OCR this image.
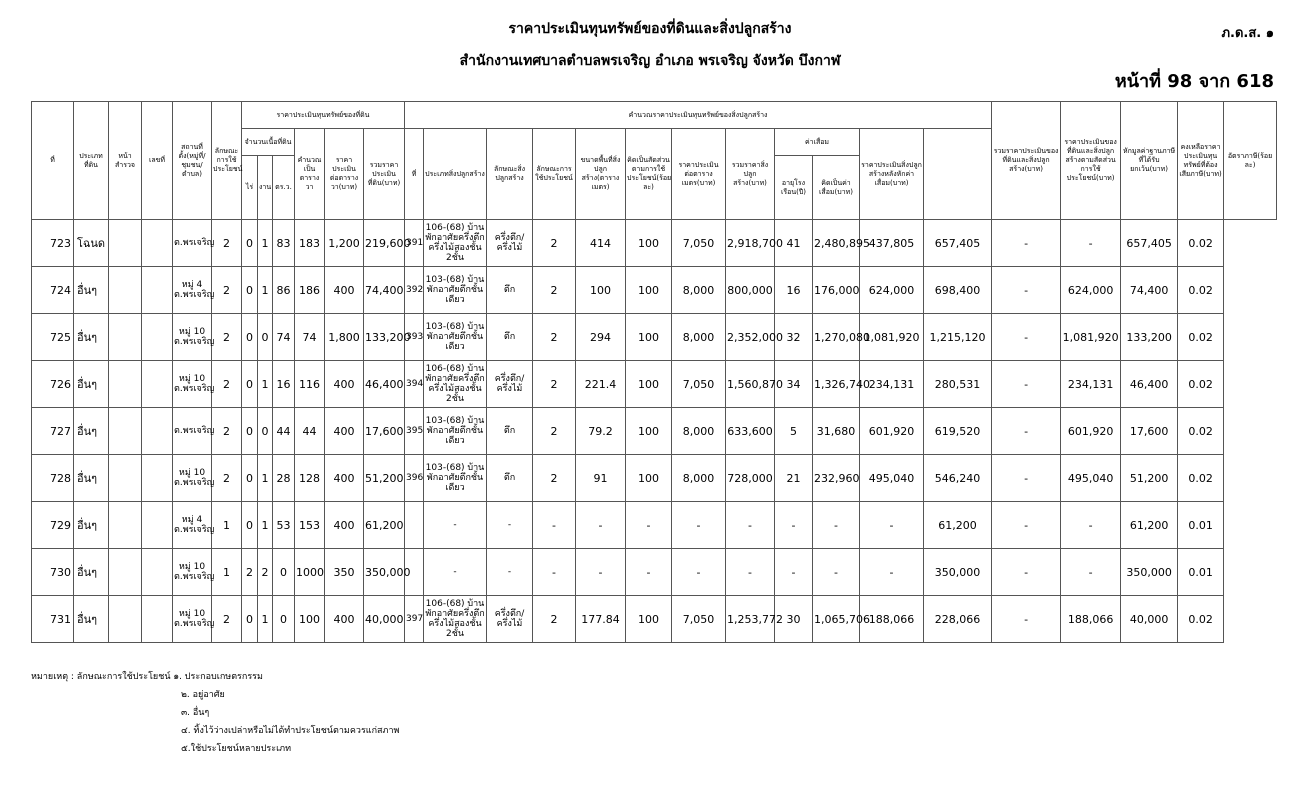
ราคาประเมินทุนทรัพย์ของที่ดินและสิ่งปลูกสร้าง
สำนักงานเทศบาลตำบลพรเจริญ อำเภอ พรเจริญ จังหวัด บึงกาฬ
ภ.ด.ส. ๑
หน้าที่ 98 จาก 618
ที่	ประเภทที่ดิน	หน้าสำรวจ	เลขที่	สถานที่ตั้ง(หมู่ที่/ชุมชน/ตำบล)	ลักษณะการใช้ประโยชน์	ราคาประเมินทุนทรัพย์ของที่ดิน						คำนวณราคาประเมินทุนทรัพย์ของสิ่งปลูกสร้าง												รวมราคาประเมินของที่ดินและสิ่งปลูกสร้าง(บาท)	ราคาประเมินของที่ดินและสิ่งปลูกสร้างตามสัดส่วนการใช้ประโยชน์(บาท)	หักมูลค่าฐานภาษีที่ได้รับยกเว้น(บาท)	คงเหลือราคาประเมินทุนทรัพย์ที่ต้องเสียภาษี(บาท)	อัตราภาษี(ร้อยละ)
						จำนวนเนื้อที่ดิน			คำนวณเป็นตารางวา	ราคาประเมินต่อตารางวา(บาท)	รวมราคาประเมินที่ดิน(บาท)	ที่	ประเภทสิ่งปลูกสร้าง	ลักษณะสิ่งปลูกสร้าง	ลักษณะการใช้ประโยชน์	ขนาดพื้นที่สิ่งปลูกสร้าง(ตารางเมตร)	คิดเป็นสัดส่วนตามการใช้ประโยชน์(ร้อยละ)	ราคาประเมินต่อตารางเมตร(บาท)	รวมราคาสิ่งปลูกสร้าง(บาท)	ค่าเสื่อม		ราคาประเมินสิ่งปลูกสร้างหลังหักค่าเสื่อม(บาท)						
						ไร่	งาน	ตร.ว.												อายุโรงเรือน(ปี)	คิดเป็นค่าเสื่อม(บาท)							
723	โฉนด			ต.พรเจริญ	2	0	1	83	183	1,200	219,600	391	106-(68) บ้านพักอาศัยครึ่งตึกครึ่งไม้สองชั้น 2ชั้น	ครึ่งตึก/ครึ่งไม้	2	414	100	7,050	2,918,700	41	2,480,895	437,805	657,405	-	-	657,405	0.02	
724	อื่นๆ			หมู่ 4 ต.พรเจริญ	2	0	1	86	186	400	74,400	392	103-(68) บ้านพักอาศัยตึกชั้นเดียว	ตึก	2	100	100	8,000	800,000	16	176,000	624,000	698,400	-	624,000	74,400	0.02	
725	อื่นๆ			หมู่ 10 ต.พรเจริญ	2	0	0	74	74	1,800	133,200	393	103-(68) บ้านพักอาศัยตึกชั้นเดียว	ตึก	2	294	100	8,000	2,352,000	32	1,270,080	1,081,920	1,215,120	-	1,081,920	133,200	0.02	
726	อื่นๆ			หมู่ 10 ต.พรเจริญ	2	0	1	16	116	400	46,400	394	106-(68) บ้านพักอาศัยครึ่งตึกครึ่งไม้สองชั้น 2ชั้น	ครึ่งตึก/ครึ่งไม้	2	221.4	100	7,050	1,560,870	34	1,326,740	234,131	280,531	-	234,131	46,400	0.02	
727	อื่นๆ			ต.พรเจริญ	2	0	0	44	44	400	17,600	395	103-(68) บ้านพักอาศัยตึกชั้นเดียว	ตึก	2	79.2	100	8,000	633,600	5	31,680	601,920	619,520	-	601,920	17,600	0.02	
728	อื่นๆ			หมู่ 10 ต.พรเจริญ	2	0	1	28	128	400	51,200	396	103-(68) บ้านพักอาศัยตึกชั้นเดียว	ตึก	2	91	100	8,000	728,000	21	232,960	495,040	546,240	-	495,040	51,200	0.02	
729	อื่นๆ			หมู่ 4 ต.พรเจริญ	1	0	1	53	153	400	61,200		-	-	-	-	-	-	-	-	-	-	61,200	-	-	61,200	0.01	
730	อื่นๆ			หมู่ 10 ต.พรเจริญ	1	2	2	0	1000	350	350,000		-	-	-	-	-	-	-	-	-	-	350,000	-	-	350,000	0.01	
731	อื่นๆ			หมู่ 10 ต.พรเจริญ	2	0	1	0	100	400	40,000	397	106-(68) บ้านพักอาศัยครึ่งตึกครึ่งไม้สองชั้น 2ชั้น	ครึ่งตึก/ครึ่งไม้	2	177.84	100	7,050	1,253,772	30	1,065,706	188,066	228,066	-	188,066	40,000	0.02	
หมายเหตุ : ลักษณะการใช้ประโยชน์ ๑. ประกอบเกษตรกรรม
๒. อยู่อาศัย
๓. อื่นๆ
๔. ทิ้งไว้ว่างเปล่าหรือไม่ได้ทำประโยชน์ตามควรแก่สภาพ
๕.ใช้ประโยชน์หลายประเภท
